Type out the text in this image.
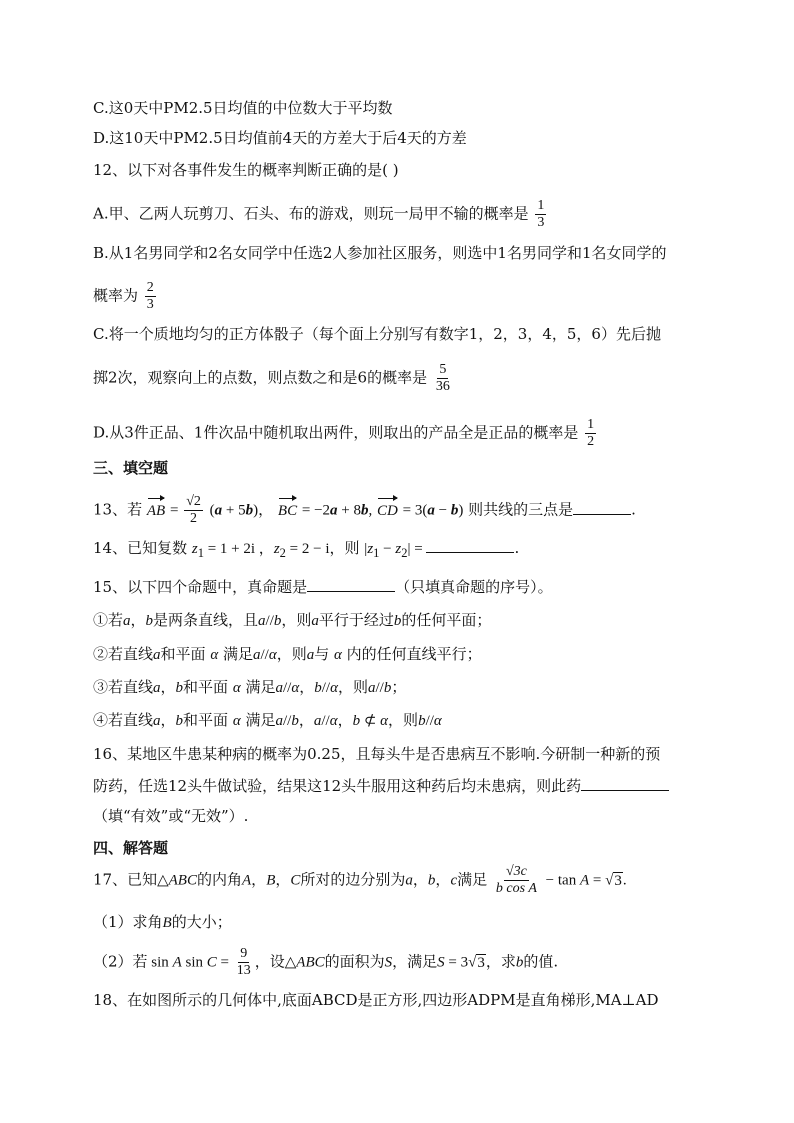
C.这0天中PM2.5日均值的中位数大于平均数
D.这10天中PM2.5日均值前4天的方差大于后4天的方差
12、以下对各事件发生的概率判断正确的是( )
A.甲、乙两人玩剪刀、石头、布的游戏，则玩一局甲不输的概率是 $\frac{1}{3}$
B.从1名男同学和2名女同学中任选2人参加社区服务，则选中1名男同学和1名女同学的
概率为 $\frac{2}{3}$
C.将一个质地均匀的正方体骰子（每个面上分别写有数字1，2，3，4，5，6）先后抛
掷2次，观察向上的点数，则点数之和是6的概率是 $\frac{5}{36}$
D.从3件正品、1件次品中随机取出两件，则取出的产品全是正品的概率是 $\frac{1}{2}$
三、填空题
13、若 AB = $\frac{√2}{2} (a + 5b)$， BC = −2a + 8b, CD = 3(a − b) 则共线的三点是	.
14、已知复数 $z_1 = 1 + 2i$ ，$z_2 = 2 - i$，则 $|z_1 - z_2|$ =	.
15、以下四个命题中，真命题是	（只填真命题的序号）。
①若a，b是两条直线，且a//b，则a平行于经过b的任何平面；
②若直线a和平面 α 满足a//α，则a与 α 内的任何直线平行；
③若直线a，b和平面 α 满足a//α，b//α，则a//b；
④若直线a，b和平面 α 满足a//b，a//α，b ⊄ α，则b//α
16、某地区牛患某种病的概率为0.25，且每头牛是否患病互不影响.今研制一种新的预
防药，任选12头牛做试验，结果这12头牛服用这种药后均未患病，则此药
（填“有效”或“无效”）.
四、解答题
17、已知△ABC的内角A，B，C所对的边分别为a，b，c满足 $\frac{√3c}{\text{b cos A}} - \tan A = √3$.
（1）求角B的大小；
（2）若 sin A $\sin C = \frac{9}{13}$ ，设△ABC的面积为S，满足S = 3√3，求b的值.
18、在如图所示的几何体中,底面ABCD是正方形,四边形ADPM是直角梯形,MA⊥AD
